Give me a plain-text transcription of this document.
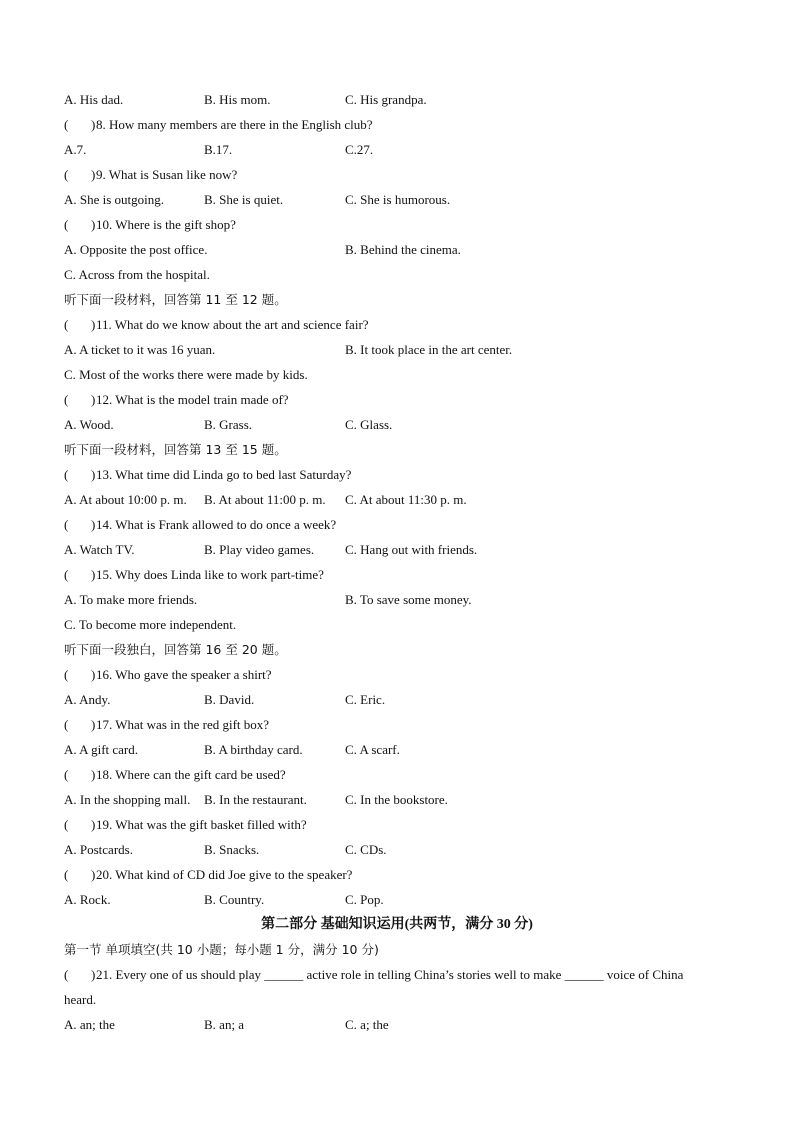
A. His dad.	B. His mom.	C. His grandpa.
( ) 8. How many members are there in the English club?
A.7.	B.17.	C.27.
( ) 9. What is Susan like now?
A. She is outgoing.	B. She is quiet.	C. She is humorous.
( ) 10. Where is the gift shop?
A. Opposite the post office.	B. Behind the cinema.
C. Across from the hospital.
听下面一段材料，回答第 11 至 12 题。
( ) 11. What do we know about the art and science fair?
A. A ticket to it was 16 yuan.	B. It took place in the art center.
C. Most of the works there were made by kids.
( ) 12. What is the model train made of?
A. Wood.	B. Grass.	C. Glass.
听下面一段材料，回答第 13 至 15 题。
( ) 13. What time did Linda go to bed last Saturday?
A. At about 10:00 p. m. B. At about 11:00 p. m. C. At about 11:30 p. m.
( ) 14. What is Frank allowed to do once a week?
A. Watch TV.	B. Play video games. C. Hang out with friends.
( ) 15. Why does Linda like to work part-time?
A. To make more friends.	B. To save some money.
C. To become more independent.
听下面一段独白，回答第 16 至 20 题。
( ) 16. Who gave the speaker a shirt?
A. Andy.	B. David.	C. Eric.
( ) 17. What was in the red gift box?
A. A gift card.	B. A birthday card.	C. A scarf.
( ) 18. Where can the gift card be used?
A. In the shopping mall. B. In the restaurant.	C. In the bookstore.
( ) 19. What was the gift basket filled with?
A. Postcards.	B. Snacks.	C. CDs.
( ) 20. What kind of CD did Joe give to the speaker?
A. Rock.	B. Country.	C. Pop.
第二部分 基础知识运用(共两节，满分 30 分)
第一节 单项填空(共 10 小题；每小题 1 分，满分 10 分)
( ) 21. Every one of us should play ______ active role in telling China’s stories well to make ______ voice of China
heard.
A. an; the	B. an; a	C. a; the
